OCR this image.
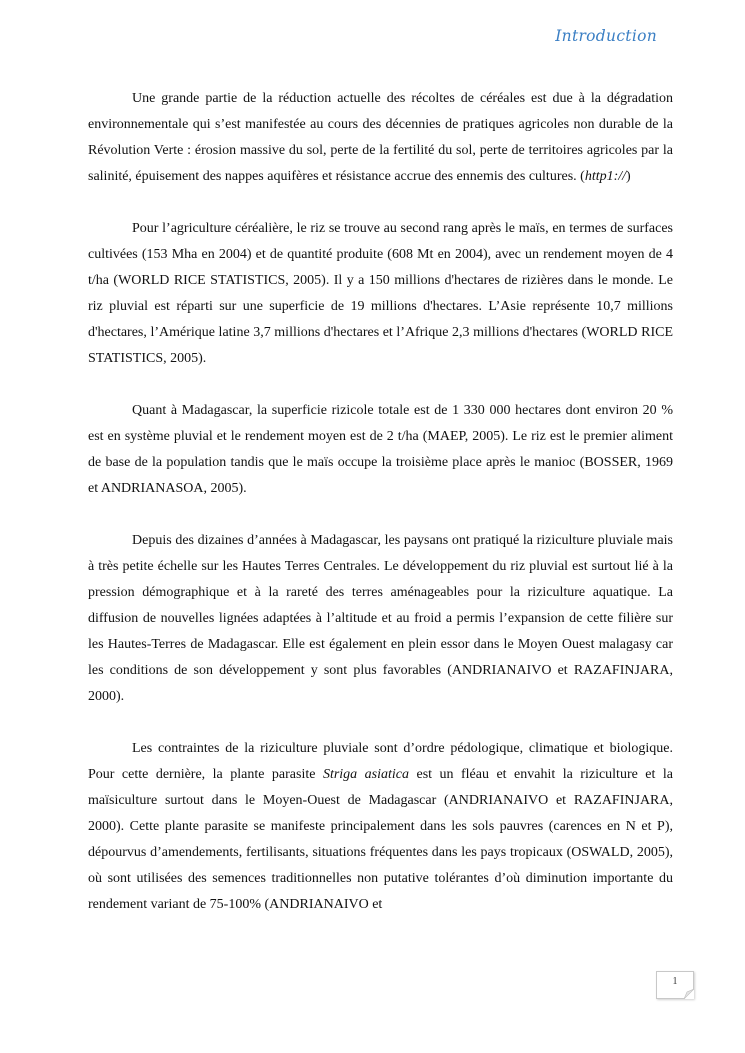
Introduction

Une grande partie de la réduction actuelle des récoltes de céréales est due à la dégradation environnementale qui s’est manifestée au cours des décennies de pratiques agricoles non durable de la Révolution Verte : érosion massive du sol, perte de la fertilité du sol, perte de territoires agricoles par la salinité, épuisement des nappes aquifères et résistance accrue des ennemis des cultures. (http1://)

Pour l’agriculture céréalière, le riz se trouve au second rang après le maïs, en termes de surfaces cultivées (153 Mha en 2004) et de quantité produite (608 Mt en 2004), avec un rendement moyen de 4 t/ha (WORLD RICE STATISTICS, 2005). Il y a 150 millions d'hectares de rizières dans le monde. Le riz pluvial est réparti sur une superficie de 19 millions d'hectares. L’Asie représente 10,7 millions d'hectares, l’Amérique latine 3,7 millions d'hectares et l’Afrique 2,3 millions d'hectares (WORLD RICE STATISTICS, 2005).

Quant à Madagascar, la superficie rizicole totale est de 1 330 000 hectares dont environ 20 % est en système pluvial et le rendement moyen est de 2 t/ha (MAEP, 2005). Le riz est le premier aliment de base de la population tandis que le maïs occupe la troisième place après le manioc (BOSSER, 1969 et ANDRIANASOA, 2005).

Depuis des dizaines d’années à Madagascar, les paysans ont pratiqué la riziculture pluviale mais à très petite échelle sur les Hautes Terres Centrales. Le développement du riz pluvial est surtout lié à la pression démographique et à la rareté des terres aménageables pour la riziculture aquatique. La diffusion de nouvelles lignées adaptées à l’altitude et au froid a permis l’expansion de cette filière sur les Hautes-Terres de Madagascar. Elle est également en plein essor dans le Moyen Ouest malagasy car les conditions de son développement y sont plus favorables (ANDRIANAIVO et RAZAFINJARA, 2000).

Les contraintes de la riziculture pluviale sont d’ordre pédologique, climatique et biologique. Pour cette dernière, la plante parasite Striga asiatica est un fléau et envahit la riziculture et la maïsiculture surtout dans le Moyen-Ouest de Madagascar (ANDRIANAIVO et RAZAFINJARA, 2000). Cette plante parasite se manifeste principalement dans les sols pauvres (carences en N et P), dépourvus d’amendements, fertilisants, situations fréquentes dans les pays tropicaux (OSWALD, 2005), où sont utilisées des semences traditionnelles non putative tolérantes d’où diminution importante du rendement variant de 75-100% (ANDRIANAIVO et

1
